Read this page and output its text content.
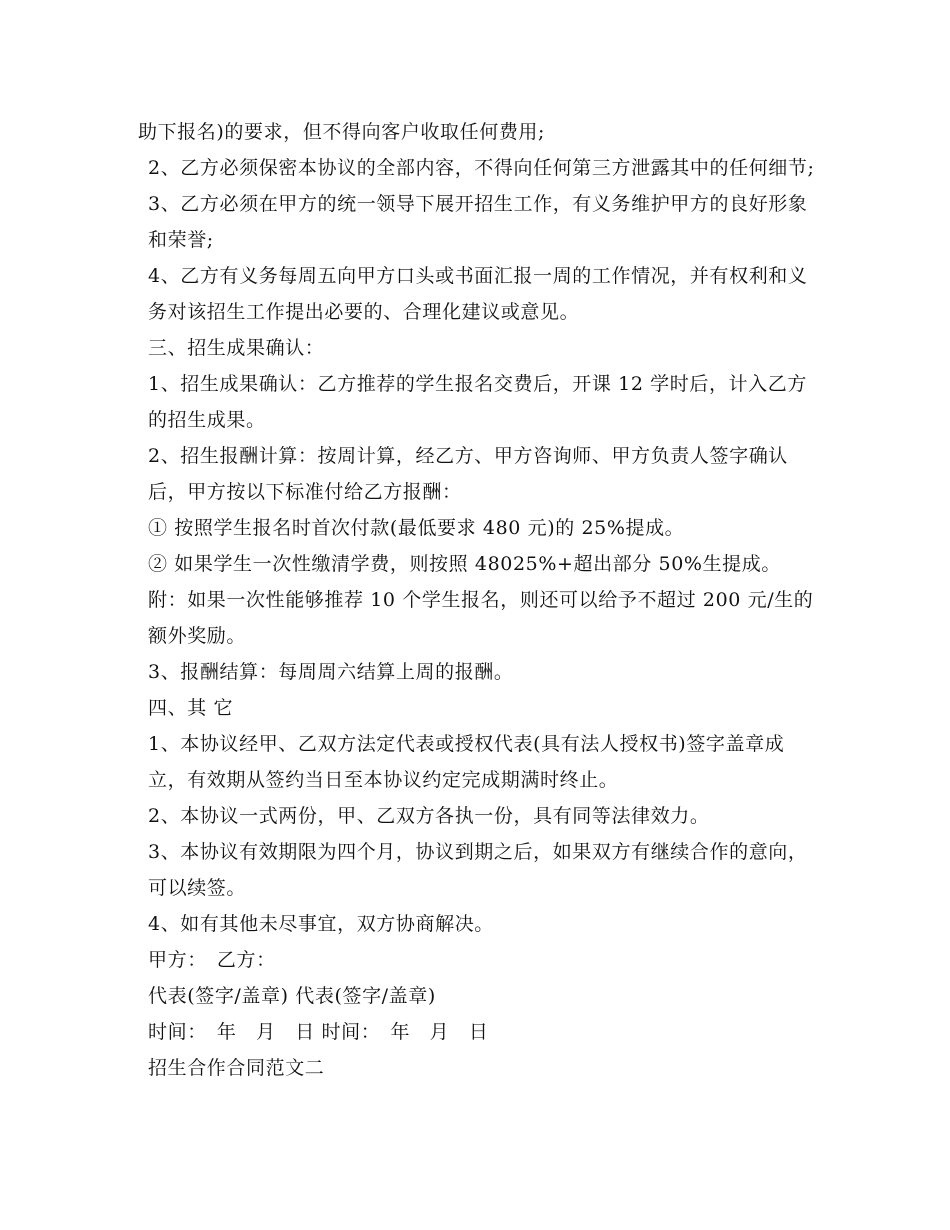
助下报名)的要求，但不得向客户收取任何费用;

2、乙方必须保密本协议的全部内容，不得向任何第三方泄露其中的任何细节;

3、乙方必须在甲方的统一领导下展开招生工作，有义务维护甲方的良好形象和荣誉;

4、乙方有义务每周五向甲方口头或书面汇报一周的工作情况，并有权利和义务对该招生工作提出必要的、合理化建议或意见。

三、招生成果确认：

1、招生成果确认：乙方推荐的学生报名交费后，开课 12 学时后，计入乙方的招生成果。

2、招生报酬计算：按周计算，经乙方、甲方咨询师、甲方负责人签字确认后，甲方按以下标准付给乙方报酬：

① 按照学生报名时首次付款(最低要求 480 元)的 25%提成。

② 如果学生一次性缴清学费，则按照 48025%+超出部分 50%生提成。

附：如果一次性能够推荐 10 个学生报名，则还可以给予不超过 200 元/生的额外奖励。

3、报酬结算：每周周六结算上周的报酬。

四、其 它

1、本协议经甲、乙双方法定代表或授权代表(具有法人授权书)签字盖章成立，有效期从签约当日至本协议约定完成期满时终止。

2、本协议一式两份，甲、乙双方各执一份，具有同等法律效力。

3、本协议有效期限为四个月，协议到期之后，如果双方有继续合作的意向，可以续签。

4、如有其他未尽事宜，双方协商解决。

甲方：　乙方：

代表(签字/盖章) 代表(签字/盖章)

时间：　年　月　日 时间：　年　月　日

招生合作合同范文二
